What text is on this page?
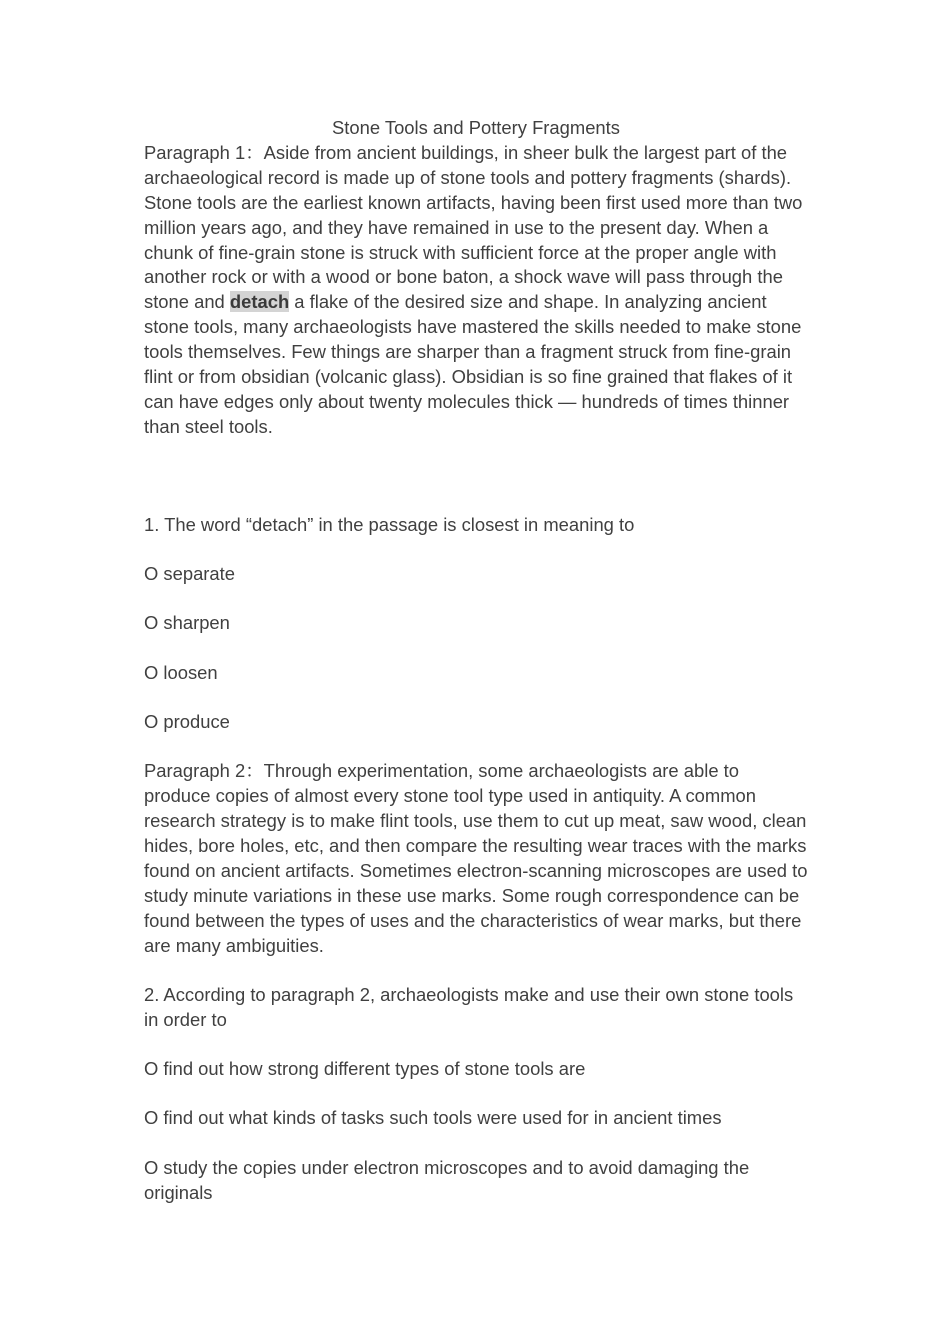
Stone Tools and Pottery Fragments

Paragraph 1：Aside from ancient buildings, in sheer bulk the largest part of the archaeological record is made up of stone tools and pottery fragments (shards). Stone tools are the earliest known artifacts, having been first used more than two million years ago, and they have remained in use to the present day. When a chunk of fine-grain stone is struck with sufficient force at the proper angle with another rock or with a wood or bone baton, a shock wave will pass through the stone and detach a flake of the desired size and shape. In analyzing ancient stone tools, many archaeologists have mastered the skills needed to make stone tools themselves. Few things are sharper than a fragment struck from fine-grain flint or from obsidian (volcanic glass). Obsidian is so fine grained that flakes of it can have edges only about twenty molecules thick — hundreds of times thinner than steel tools.

1. The word “detach” in the passage is closest in meaning to

O separate

O sharpen

O loosen

O produce

Paragraph 2：Through experimentation, some archaeologists are able to produce copies of almost every stone tool type used in antiquity. A common research strategy is to make flint tools, use them to cut up meat, saw wood, clean hides, bore holes, etc, and then compare the resulting wear traces with the marks found on ancient artifacts. Sometimes electron-scanning microscopes are used to study minute variations in these use marks. Some rough correspondence can be found between the types of uses and the characteristics of wear marks, but there are many ambiguities.

2. According to paragraph 2, archaeologists make and use their own stone tools in order to

O find out how strong different types of stone tools are

O find out what kinds of tasks such tools were used for in ancient times

O study the copies under electron microscopes and to avoid damaging the originals
